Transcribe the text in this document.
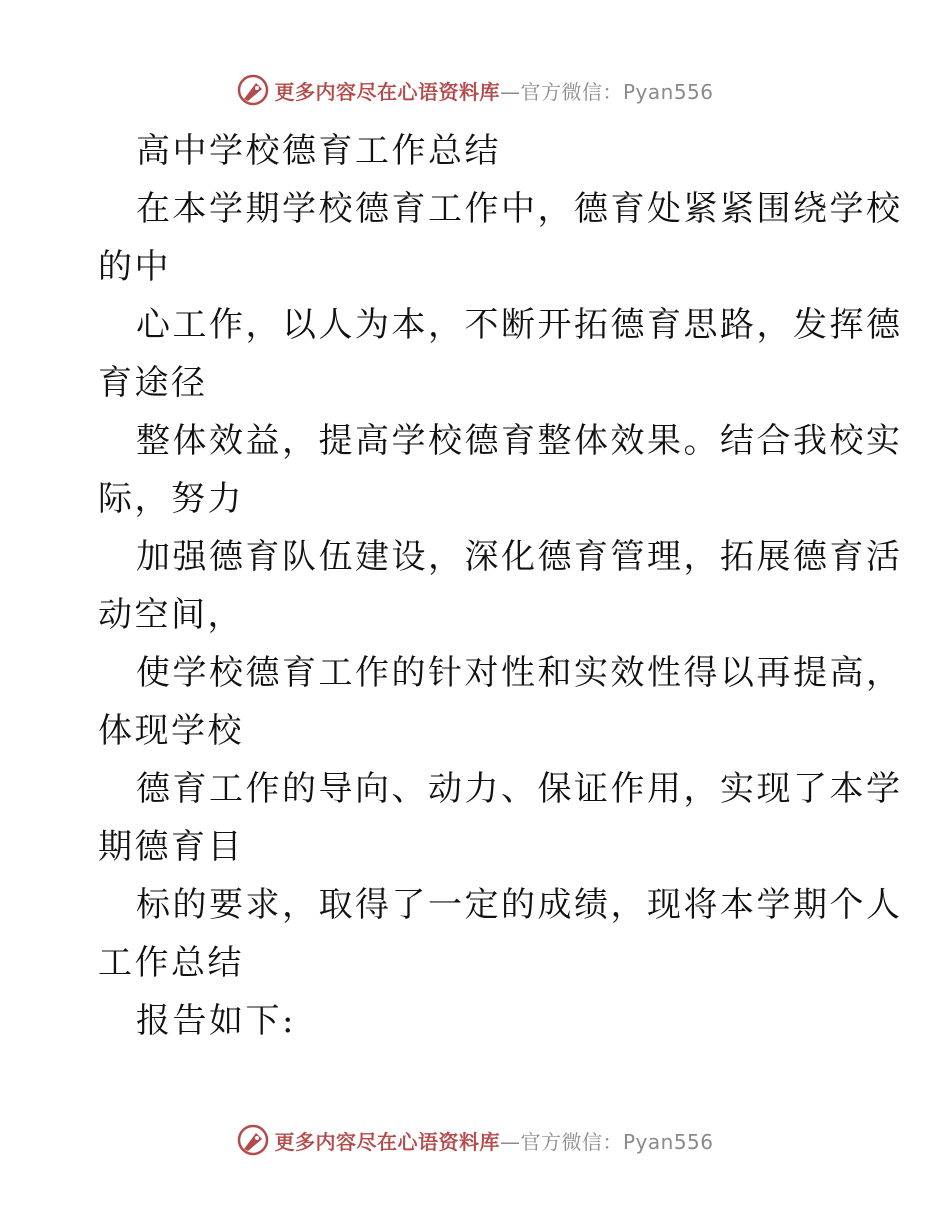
更多内容尽在心语资料库—官方微信：Pyan556
高中学校德育工作总结
在本学期学校德育工作中，德育处紧紧围绕学校
的中
心工作，以人为本，不断开拓德育思路，发挥德
育途径
整体效益，提高学校德育整体效果。结合我校实
际，努力
加强德育队伍建设，深化德育管理，拓展德育活
动空间，
使学校德育工作的针对性和实效性得以再提高，
体现学校
德育工作的导向、动力、保证作用，实现了本学
期德育目
标的要求，取得了一定的成绩，现将本学期个人
工作总结
报告如下:
更多内容尽在心语资料库—官方微信：Pyan556
